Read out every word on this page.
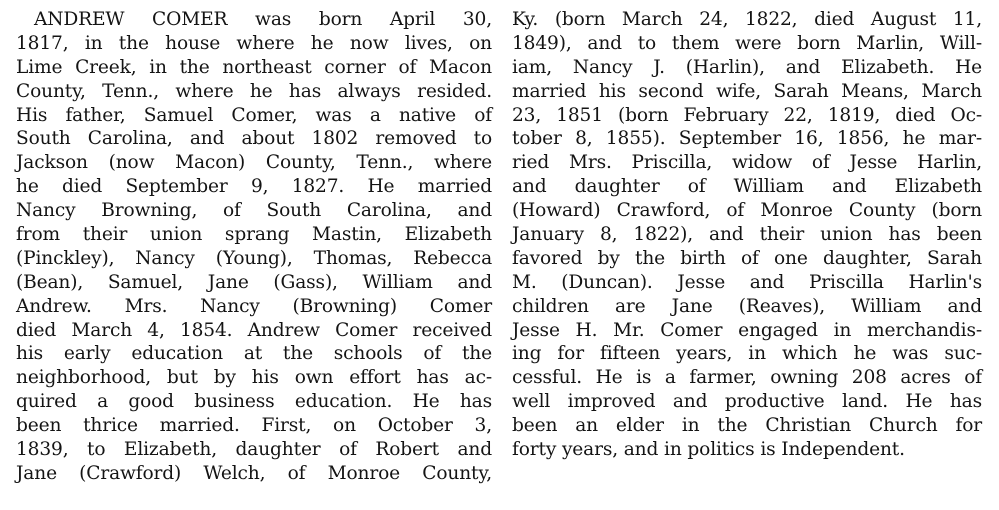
ANDREW COMER was born April 30,
1817, in the house where he now lives, on
Lime Creek, in the northeast corner of Macon
County, Tenn., where he has always resided.
His father, Samuel Comer, was a native of
South Carolina, and about 1802 removed to
Jackson (now Macon) County, Tenn., where
he died September 9, 1827. He married
Nancy Browning, of South Carolina, and
from their union sprang Mastin, Elizabeth
(Pinckley), Nancy (Young), Thomas, Rebecca
(Bean), Samuel, Jane (Gass), William and
Andrew. Mrs. Nancy (Browning) Comer
died March 4, 1854. Andrew Comer received
his early education at the schools of the
neighborhood, but by his own effort has ac-
quired a good business education. He has
been thrice married. First, on October 3,
1839, to Elizabeth, daughter of Robert and
Jane (Crawford) Welch, of Monroe County,
Ky. (born March 24, 1822, died August 11,
1849), and to them were born Marlin, Will-
iam, Nancy J. (Harlin), and Elizabeth. He
married his second wife, Sarah Means, March
23, 1851 (born February 22, 1819, died Oc-
tober 8, 1855). September 16, 1856, he mar-
ried Mrs. Priscilla, widow of Jesse Harlin,
and daughter of William and Elizabeth
(Howard) Crawford, of Monroe County (born
January 8, 1822), and their union has been
favored by the birth of one daughter, Sarah
M. (Duncan). Jesse and Priscilla Harlin's
children are Jane (Reaves), William and
Jesse H. Mr. Comer engaged in merchandis-
ing for fifteen years, in which he was suc-
cessful. He is a farmer, owning 208 acres of
well improved and productive land. He has
been an elder in the Christian Church for
forty years, and in politics is Independent.
